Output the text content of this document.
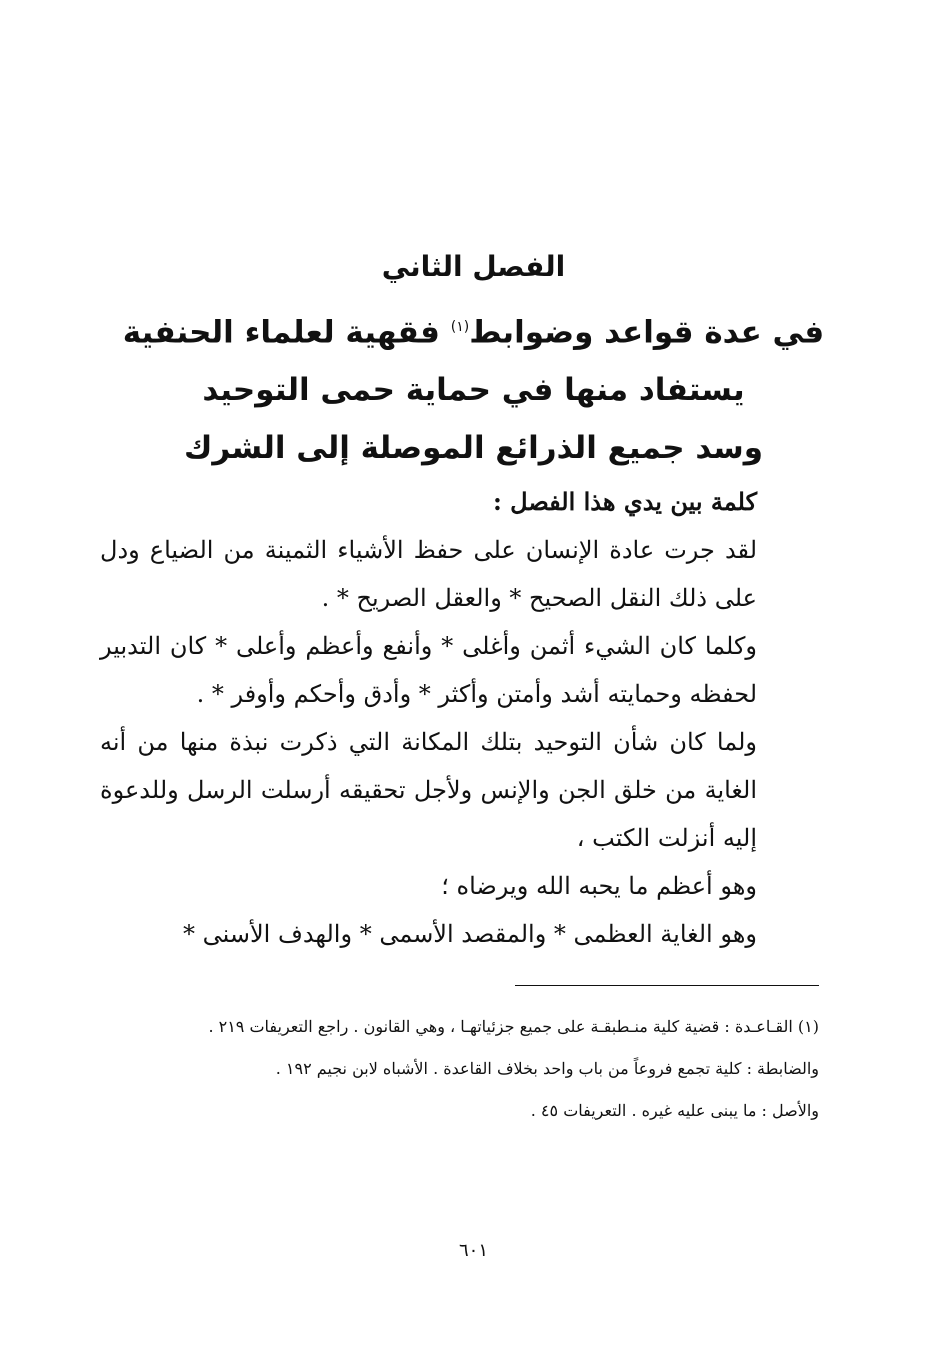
الفصل الثاني
في عدة قواعد وضوابط$^{(١)}$ فقهية لعلماء الحنفية
يستفاد منها في حماية حمى التوحيد
وسد جميع الذرائع الموصلة إلى الشرك

كلمة بين يدي هذا الفصل :

لقد جرت عادة الإنسان على حفظ الأشياء الثمينة من الضياع ودل على ذلك النقل الصحيح * والعقل الصريح * .

وكلما كان الشيء أثمن وأغلى * وأنفع وأعظم وأعلى * كان التدبير لحفظه وحمايته أشد وأمتن وأكثر * وأدق وأحكم وأوفر * .

ولما كان شأن التوحيد بتلك المكانة التي ذكرت نبذة منها من أنه الغاية من خلق الجن والإنس ولأجل تحقيقه أرسلت الرسل وللدعوة إليه أنزلت الكتب ،

وهو أعظم ما يحبه الله ويرضاه ؛

وهو الغاية العظمى * والمقصد الأسمى * والهدف الأسنى *

(١) القـاعـدة : قضية كلية منـطبقـة على جميع جزئياتهـا ، وهي القانون . راجع التعريفات ٢١٩ .

والضابطة : كلية تجمع فروعاً من باب واحد بخلاف القاعدة . الأشباه لابن نجيم ١٩٢ .

والأصل : ما يبنى عليه غيره . التعريفات ٤٥ .

٦٠١
